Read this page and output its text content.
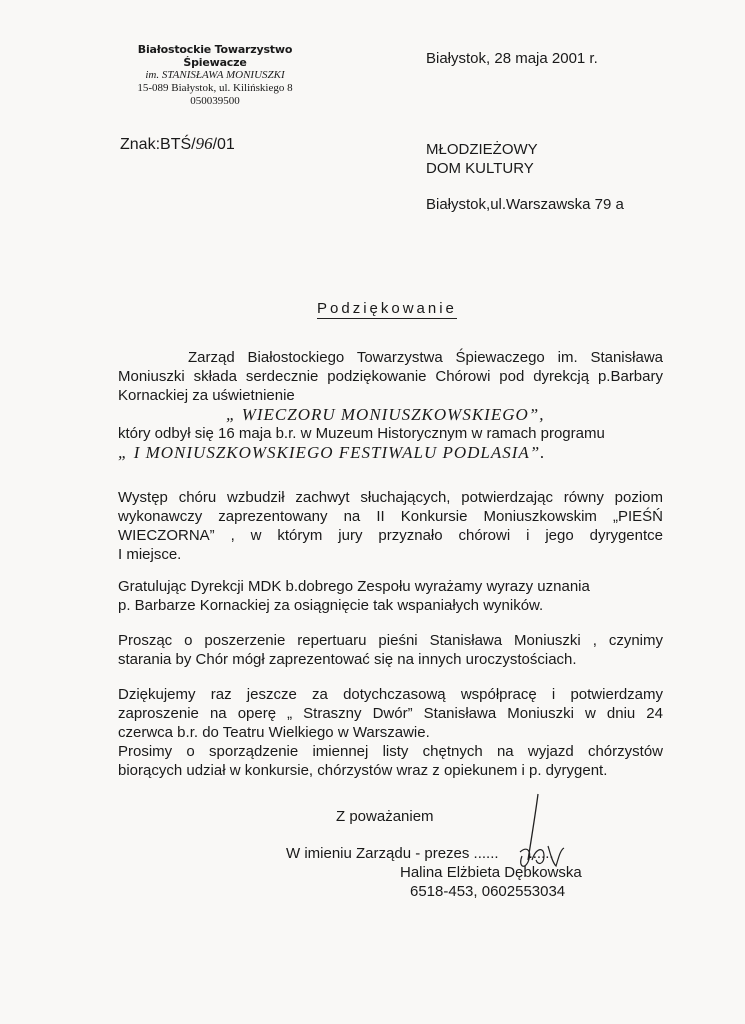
Białostockie Towarzystwo Śpiewacze
im. STANISŁAWA MONIUSZKI
15-089 Białystok, ul. Kilińskiego 8
050039500
Białystok, 28 maja 2001 r.
Znak:BTŚ/96/01	MŁODZIEŻOWY
DOM KULTURY
Białystok,ul.Warszawska 79 a
Podziękowanie

Zarząd Białostockiego Towarzystwa Śpiewaczego im. Stanisława

Moniuszki składa serdecznie podziękowanie Chórowi pod dyrekcją p.Barbary

Kornackiej za uświetnienie

„ WIECZORU MONIUSZKOWSKIEGO”,

który odbył się 16 maja b.r. w Muzeum Historycznym w ramach programu

„ I MONIUSZKOWSKIEGO FESTIWALU PODLASIA”.

Występ chóru wzbudził zachwyt słuchających, potwierdzając równy poziom

wykonawczy zaprezentowany na II Konkursie Moniuszkowskim „PIEŚŃ

WIECZORNA” , w którym jury przyznało chórowi i jego dyrygentce

I miejsce.

Gratulując Dyrekcji MDK b.dobrego Zespołu wyrażamy wyrazy uznania

p. Barbarze Kornackiej za osiągnięcie tak wspaniałych wyników.

Prosząc o poszerzenie repertuaru pieśni Stanisława Moniuszki , czynimy

starania by Chór mógł zaprezentować się na innych uroczystościach.

Dziękujemy raz jeszcze za dotychczasową współpracę i potwierdzamy

zaproszenie na operę „ Straszny Dwór” Stanisława Moniuszki w dniu 24

czerwca b.r. do Teatru Wielkiego w Warszawie.

Prosimy o sporządzenie imiennej listy chętnych na wyjazd chórzystów

biorących udział w konkursie, chórzystów wraz z opiekunem i p. dyrygent.

Z poważaniem
W imieniu Zarządu - prezes ...... ......
Halina Elżbieta Dębkowska
6518-453, 0602553034
